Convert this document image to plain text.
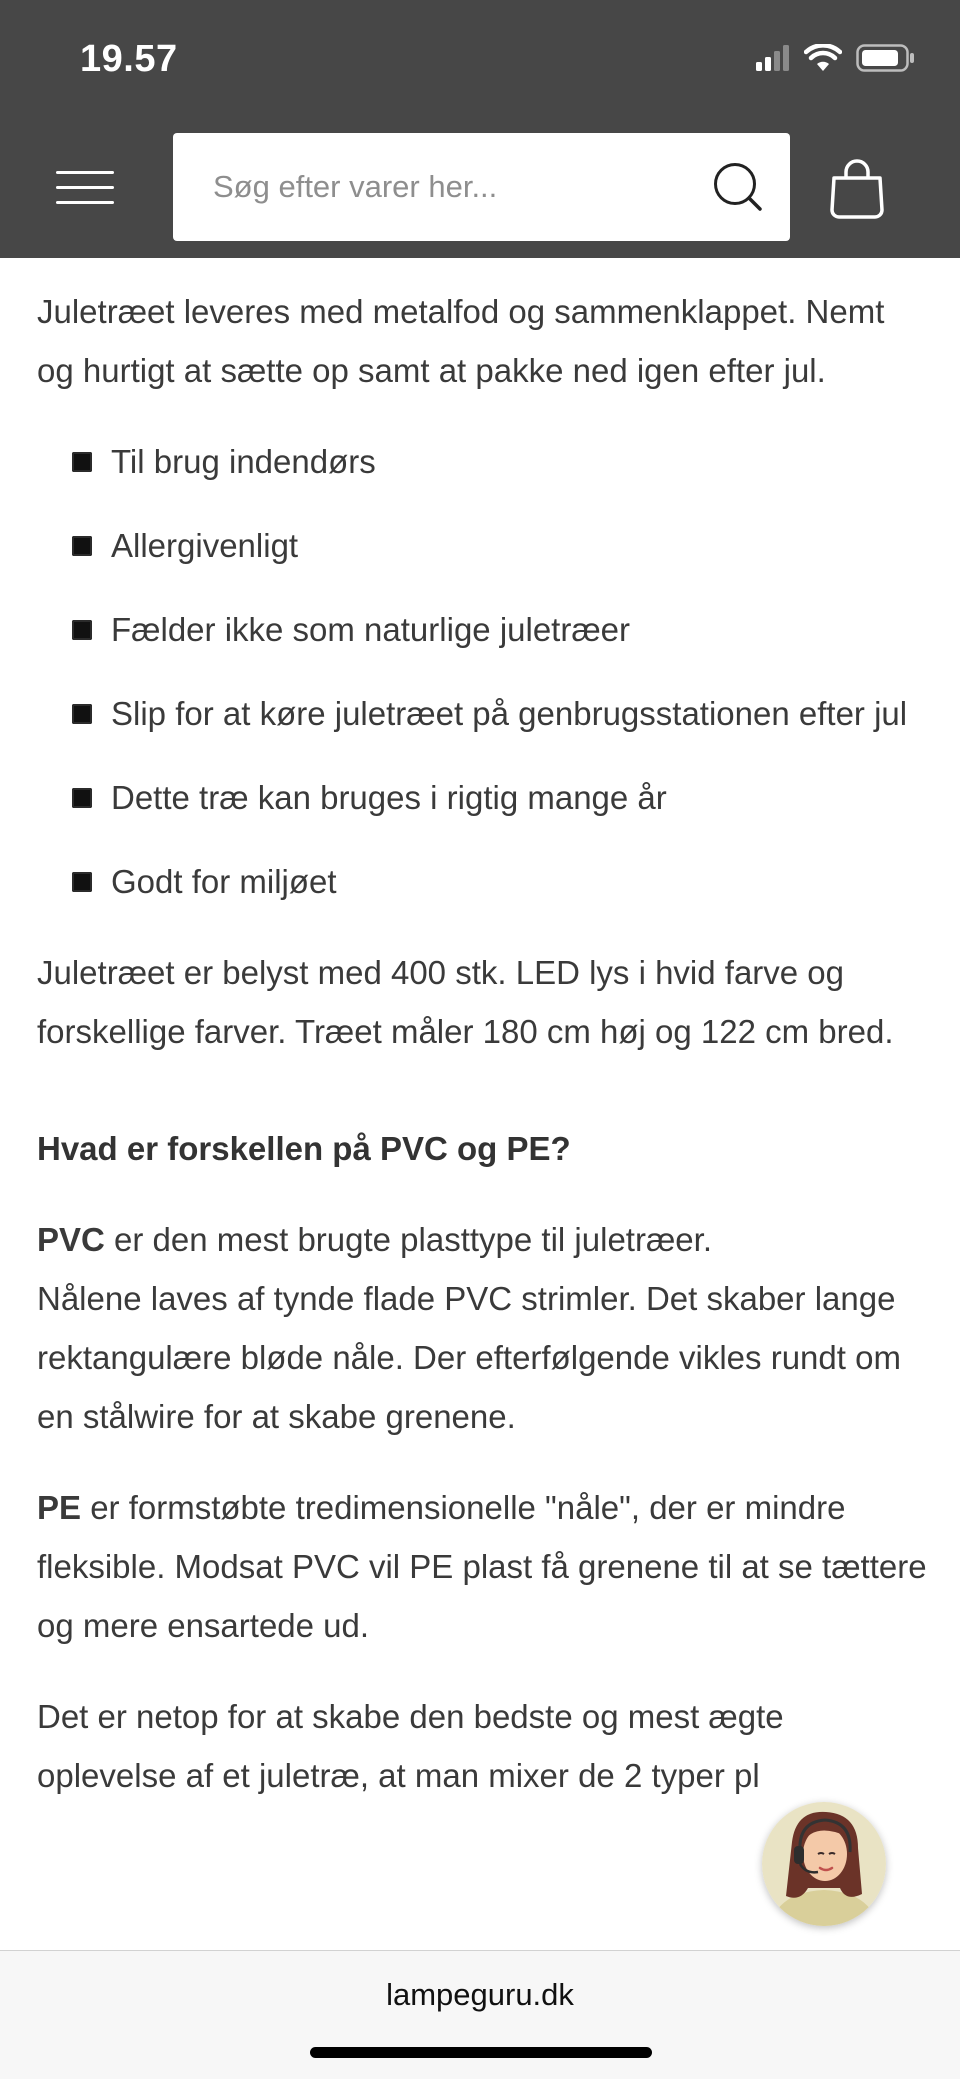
19.57
Søg efter varer her...

Juletræet leveres med metalfod og sammenklappet. Nemt og hurtigt at sætte op samt at pakke ned igen efter jul.

Til brug indendørs
Allergivenligt
Fælder ikke som naturlige juletræer
Slip for at køre juletræet på genbrugsstationen efter jul
Dette træ kan bruges i rigtig mange år
Godt for miljøet

Juletræet er belyst med 400 stk. LED lys i hvid farve og forskellige farver. Træet måler 180 cm høj og 122 cm bred.

Hvad er forskellen på PVC og PE?

PVC er den mest brugte plasttype til juletræer.
Nålene laves af tynde flade PVC strimler. Det skaber lange rektangulære bløde nåle. Der efterfølgende vikles rundt om en stålwire for at skabe grenene.

PE er formstøbte tredimensionelle "nåle", der er mindre fleksible. Modsat PVC vil PE plast få grenene til at se tættere og mere ensartede ud.

Det er netop for at skabe den bedste og mest ægte oplevelse af et juletræ, at man mixer de 2 typer pl

lampeguru.dk
